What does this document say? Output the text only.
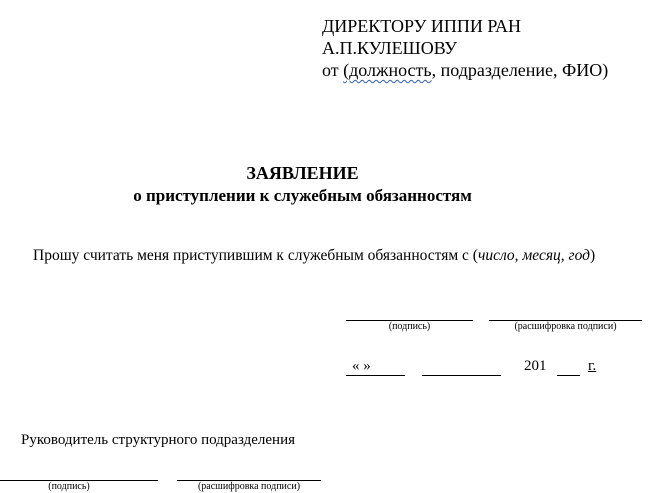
ДИРЕКТОРУ ИППИ РАН
А.П.КУЛЕШОВУ
от (должность, подразделение, ФИО)
ЗАЯВЛЕНИЕ
о приступлении к служебным обязанностям
Прошу считать меня приступившим к служебным обязанностям с (число, месяц, год)
(подпись)	(расшифровка подписи)
« »	201	г.
Руководитель структурного подразделения
(подпись)	(расшифровка подписи)
